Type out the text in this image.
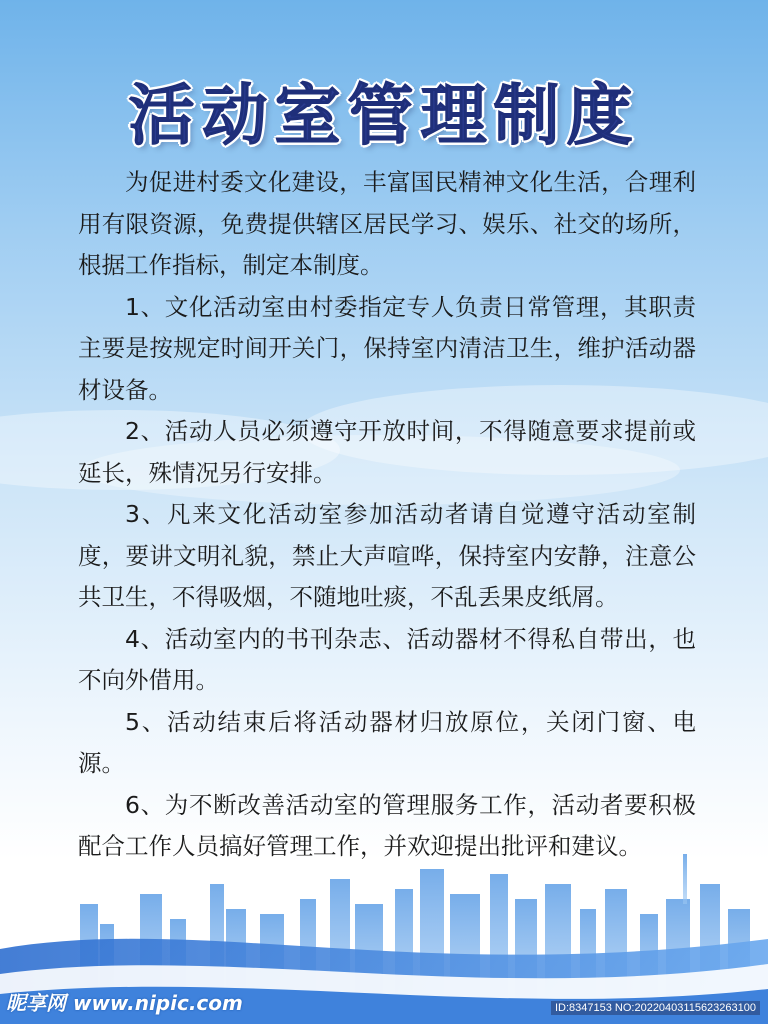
活动室管理制度

为促进村委文化建设，丰富国民精神文化生活，合理利用有限资源，免费提供辖区居民学习、娱乐、社交的场所，根据工作指标，制定本制度。

1、文化活动室由村委指定专人负责日常管理，其职责主要是按规定时间开关门，保持室内清洁卫生，维护活动器材设备。

2、活动人员必须遵守开放时间，不得随意要求提前或延长，殊情况另行安排。

3、凡来文化活动室参加活动者请自觉遵守活动室制度，要讲文明礼貌，禁止大声喧哗，保持室内安静，注意公共卫生，不得吸烟，不随地吐痰，不乱丢果皮纸屑。

4、活动室内的书刊杂志、活动器材不得私自带出，也不向外借用。

5、活动结束后将活动器材归放原位，关闭门窗、电源。

6、为不断改善活动室的管理服务工作，活动者要积极配合工作人员搞好管理工作，并欢迎提出批评和建议。

昵享网 www.nipic.com	ID:8347153 NO:20220403115623263100
